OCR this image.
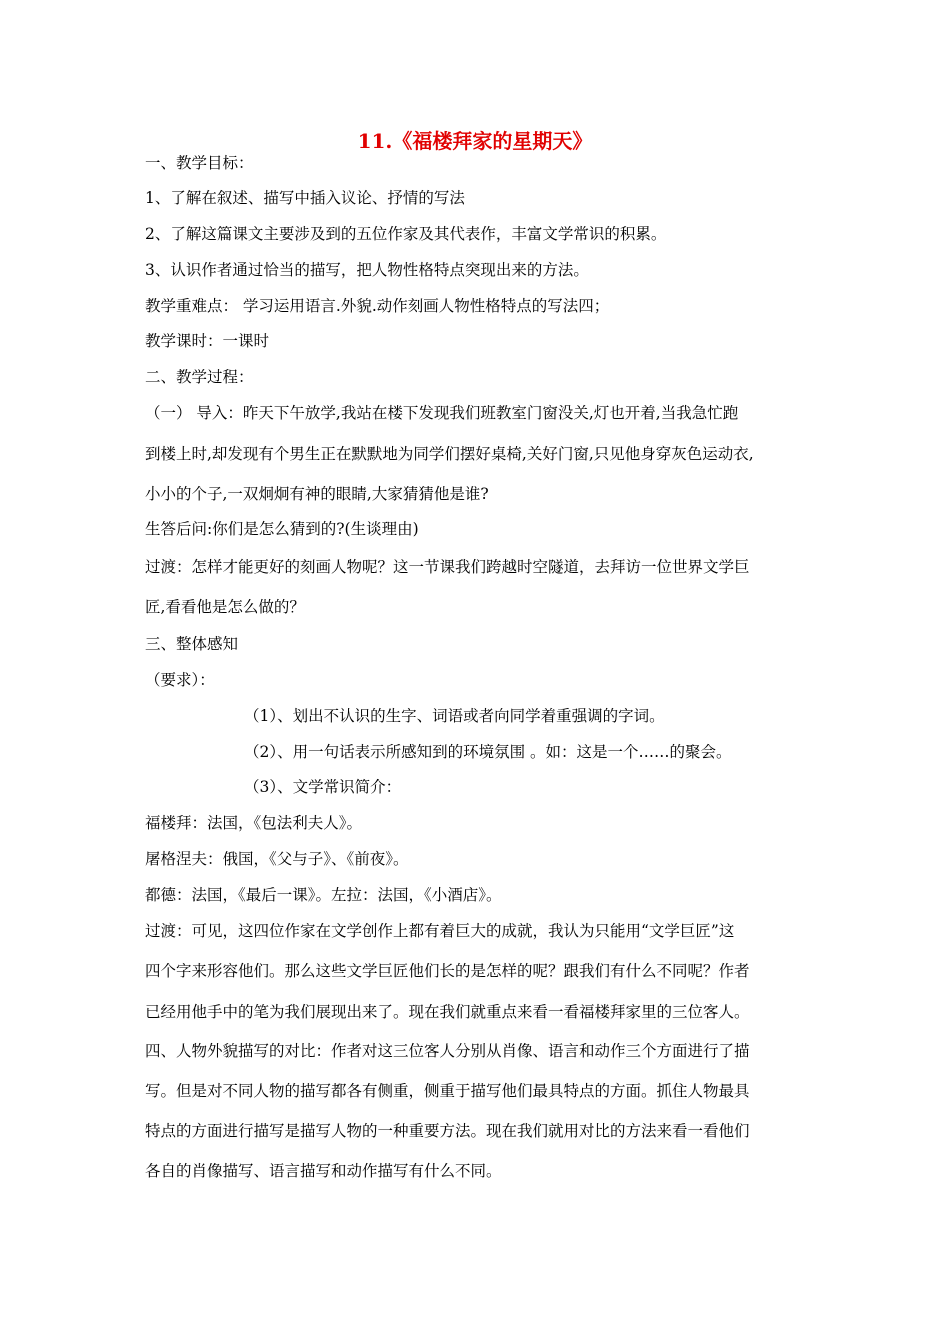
11.《福楼拜家的星期天》
一、教学目标：
1、了解在叙述、描写中插入议论、抒情的写法
2、了解这篇课文主要涉及到的五位作家及其代表作，丰富文学常识的积累。
3、认识作者通过恰当的描写，把人物性格特点突现出来的方法。
教学重难点： 学习运用语言.外貌.动作刻画人物性格特点的写法四；
教学课时：一课时
二、教学过程：
（一） 导入：昨天下午放学,我站在楼下发现我们班教室门窗没关,灯也开着,当我急忙跑
到楼上时,却发现有个男生正在默默地为同学们摆好桌椅,关好门窗,只见他身穿灰色运动衣,
小小的个子,一双炯炯有神的眼睛,大家猜猜他是谁?
生答后问:你们是怎么猜到的?(生谈理由)
过渡：怎样才能更好的刻画人物呢？这一节课我们跨越时空隧道，去拜访一位世界文学巨
匠,看看他是怎么做的？
三、整体感知
（要求）：
（1）、划出不认识的生字、词语或者向同学着重强调的字词。
（2）、用一句话表示所感知到的环境氛围 。如：这是一个……的聚会。
（3）、文学常识简介：
福楼拜：法国，《包法利夫人》。
屠格涅夫：俄国，《父与子》、《前夜》。
都德：法国，《最后一课》。左拉：法国，《小酒店》。
过渡：可见，这四位作家在文学创作上都有着巨大的成就，我认为只能用“文学巨匠”这
四个字来形容他们。那么这些文学巨匠他们长的是怎样的呢？跟我们有什么不同呢？作者
已经用他手中的笔为我们展现出来了。现在我们就重点来看一看福楼拜家里的三位客人。
四、人物外貌描写的对比：作者对这三位客人分别从肖像、语言和动作三个方面进行了描
写。但是对不同人物的描写都各有侧重，侧重于描写他们最具特点的方面。抓住人物最具
特点的方面进行描写是描写人物的一种重要方法。现在我们就用对比的方法来看一看他们
各自的肖像描写、语言描写和动作描写有什么不同。
